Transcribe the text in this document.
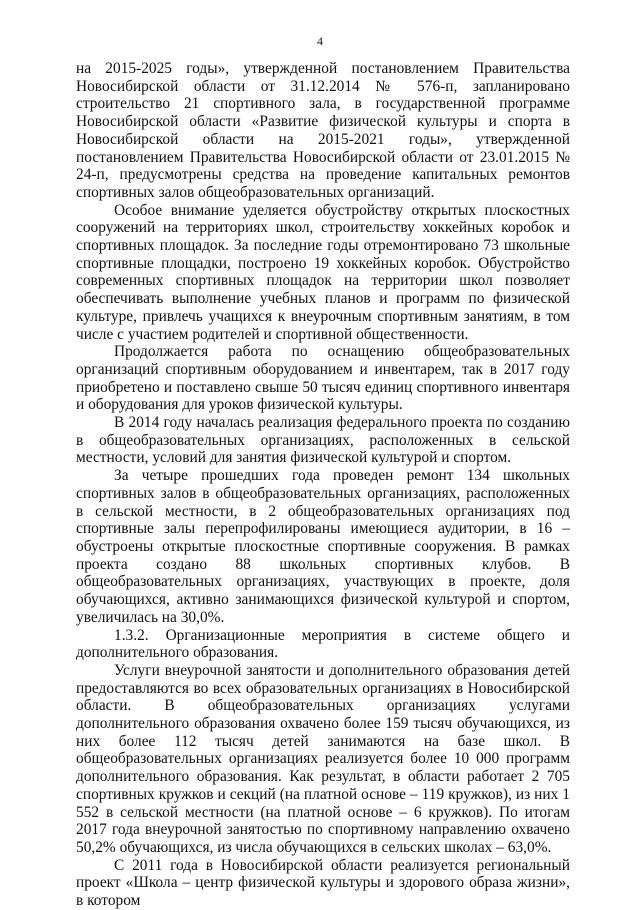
4

на 2015-2025 годы», утвержденной постановлением Правительства Новосибирской области от 31.12.2014 № 576-п, запланировано строительство 21 спортивного зала, в государственной программе Новосибирской области «Развитие физической культуры и спорта в Новосибирской области на 2015-2021 годы», утвержденной постановлением Правительства Новосибирской области от 23.01.2015 № 24-п, предусмотрены средства на проведение капитальных ремонтов спортивных залов общеобразовательных организаций.

Особое внимание уделяется обустройству открытых плоскостных сооружений на территориях школ, строительству хоккейных коробок и спортивных площадок. За последние годы отремонтировано 73 школьные спортивные площадки, построено 19 хоккейных коробок. Обустройство современных спортивных площадок на территории школ позволяет обеспечивать выполнение учебных планов и программ по физической культуре, привлечь учащихся к внеурочным спортивным занятиям, в том числе с участием родителей и спортивной общественности.

Продолжается работа по оснащению общеобразовательных организаций спортивным оборудованием и инвентарем, так в 2017 году приобретено и поставлено свыше 50 тысяч единиц спортивного инвентаря и оборудования для уроков физической культуры.

В 2014 году началась реализация федерального проекта по созданию в общеобразовательных организациях, расположенных в сельской местности, условий для занятия физической культурой и спортом.

За четыре прошедших года проведен ремонт 134 школьных спортивных залов в общеобразовательных организациях, расположенных в сельской местности, в 2 общеобразовательных организациях под спортивные залы перепрофилированы имеющиеся аудитории, в 16 – обустроены открытые плоскостные спортивные сооружения. В рамках проекта создано 88 школьных спортивных клубов. В общеобразовательных организациях, участвующих в проекте, доля обучающихся, активно занимающихся физической культурой и спортом, увеличилась на 30,0%.

1.3.2. Организационные мероприятия в системе общего и дополнительного образования.

Услуги внеурочной занятости и дополнительного образования детей предоставляются во всех образовательных организациях в Новосибирской области. В общеобразовательных организациях услугами дополнительного образования охвачено более 159 тысяч обучающихся, из них более 112 тысяч детей занимаются на базе школ. В общеобразовательных организациях реализуется более 10 000 программ дополнительного образования. Как результат, в области работает 2 705 спортивных кружков и секций (на платной основе – 119 кружков), из них 1 552 в сельской местности (на платной основе – 6 кружков). По итогам 2017 года внеурочной занятостью по спортивному направлению охвачено 50,2% обучающихся, из числа обучающихся в сельских школах – 63,0%.

С 2011 года в Новосибирской области реализуется региональный проект «Школа – центр физической культуры и здорового образа жизни», в котором
